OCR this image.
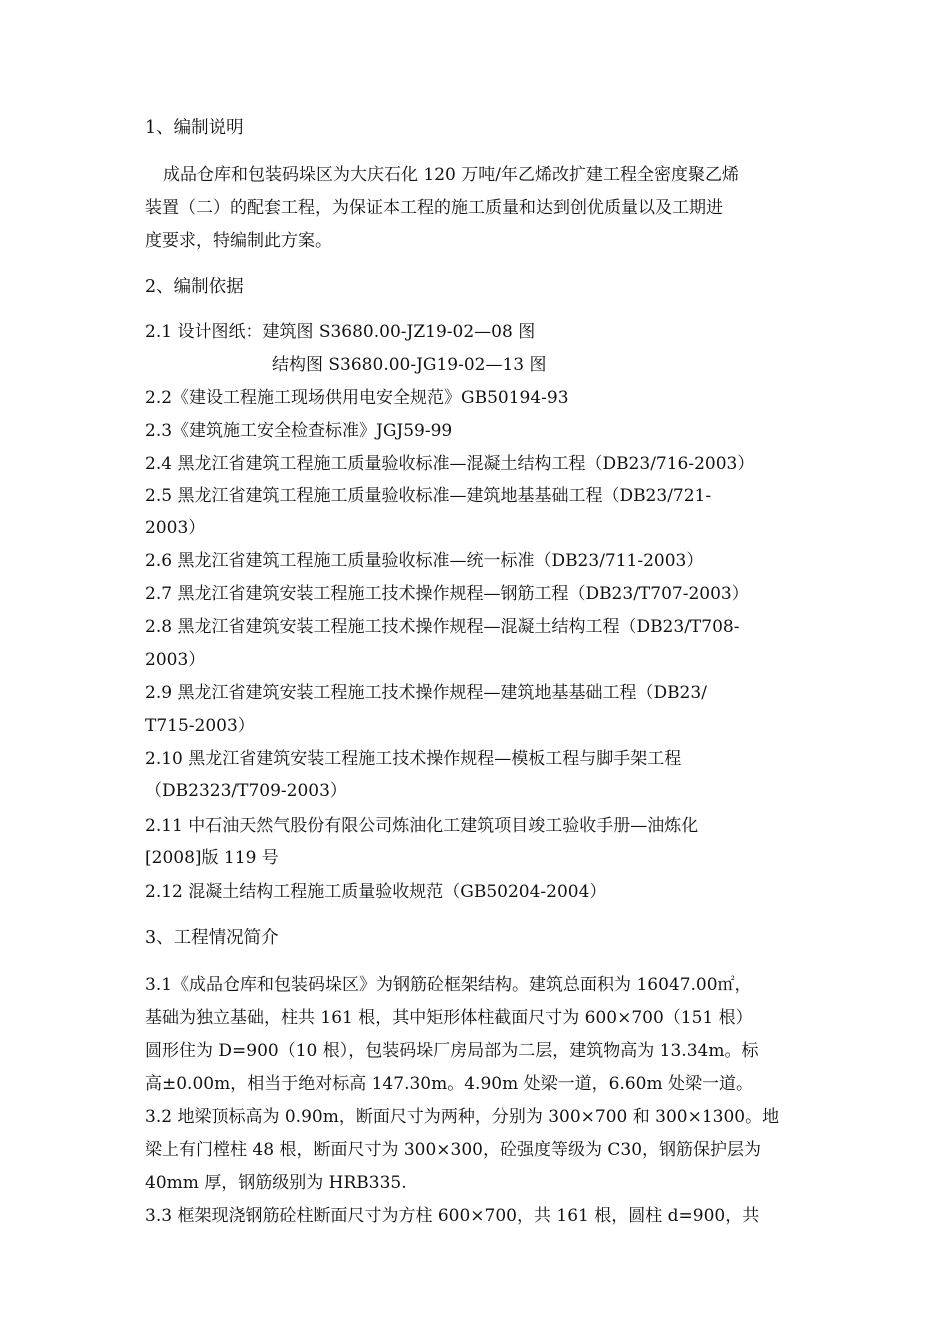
1、编制说明
成品仓库和包装码垛区为大庆石化 120 万吨/年乙烯改扩建工程全密度聚乙烯
装置（二）的配套工程，为保证本工程的施工质量和达到创优质量以及工期进
度要求，特编制此方案。
2、编制依据
2.1 设计图纸：建筑图 S3680.00-JZ19-02—08 图
结构图 S3680.00-JG19-02—13 图
2.2《建设工程施工现场供用电安全规范》GB50194-93
2.3《建筑施工安全检查标准》JGJ59-99
2.4 黑龙江省建筑工程施工质量验收标准—混凝土结构工程（DB23/716-2003）
2.5 黑龙江省建筑工程施工质量验收标准—建筑地基基础工程（DB23/721-
2003）
2.6 黑龙江省建筑工程施工质量验收标准—统一标准（DB23/711-2003）
2.7 黑龙江省建筑安装工程施工技术操作规程—钢筋工程（DB23/T707-2003）
2.8 黑龙江省建筑安装工程施工技术操作规程—混凝土结构工程（DB23/T708-
2003）
2.9 黑龙江省建筑安装工程施工技术操作规程—建筑地基基础工程（DB23/
T715-2003）
2.10 黑龙江省建筑安装工程施工技术操作规程—模板工程与脚手架工程
（DB2323/T709-2003）
2.11 中石油天然气股份有限公司炼油化工建筑项目竣工验收手册—油炼化
[2008]版 119 号
2.12 混凝土结构工程施工质量验收规范（GB50204-2004）
3、工程情况简介
3.1《成品仓库和包装码垛区》为钢筋砼框架结构。建筑总面积为 16047.00㎡，
基础为独立基础，柱共 161 根，其中矩形体柱截面尺寸为 600×700（151 根）
圆形住为 D=900（10 根），包装码垛厂房局部为二层，建筑物高为 13.34m。标
高±0.00m，相当于绝对标高 147.30m。4.90m 处梁一道，6.60m 处梁一道。
3.2 地梁顶标高为 0.90m，断面尺寸为两种，分别为 300×700 和 300×1300。地
梁上有门樘柱 48 根，断面尺寸为 300×300，砼强度等级为 C30，钢筋保护层为
40mm 厚，钢筋级别为 HRB335.
3.3 框架现浇钢筋砼柱断面尺寸为方柱 600×700，共 161 根，圆柱 d=900，共
